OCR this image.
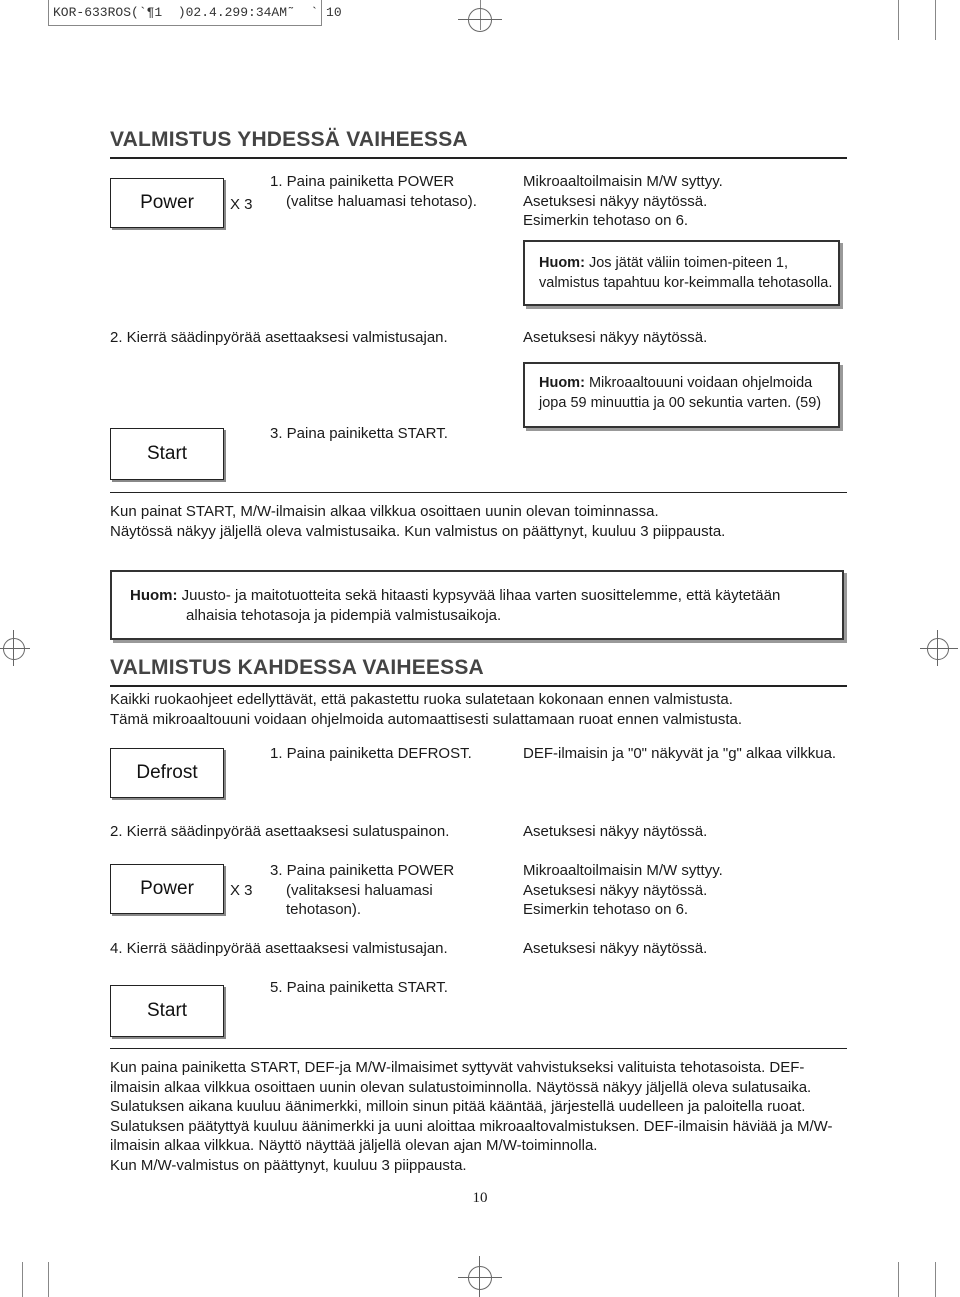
KOR-633ROS(`¶1  )02.4.299:34AM˜  ` 10
VALMISTUS YHDESSÄ VAIHEESSA
Power X 3
1. Paina painiketta POWER
(valitse haluamasi tehotaso).
Mikroaaltoilmaisin M/W syttyy.
Asetuksesi näkyy näytössä.
Esimerkin tehotaso on 6.
Huom: Jos jätät väliin toimen-piteen 1,
valmistus tapahtuu kor-keimmalla tehotasolla.
2. Kierrä säädinpyörää asettaaksesi valmistusajan.	Asetuksesi näkyy näytössä.
Huom: Mikroaaltouuni voidaan ohjelmoida
jopa 59 minuuttia ja 00 sekuntia varten. (59)
Start
3. Paina painiketta START.
Kun painat START, M/W-ilmaisin alkaa vilkkua osoittaen uunin olevan toiminnassa.
Näytössä näkyy jäljellä oleva valmistusaika. Kun valmistus on päättynyt, kuuluu 3 piippausta.
Huom: Juusto- ja maitotuotteita sekä hitaasti kypsyvää lihaa varten suosittelemme, että käytetään
alhaisia tehotasoja ja pidempiä valmistusaikoja.
VALMISTUS KAHDESSA VAIHEESSA
Kaikki ruokaohjeet edellyttävät, että pakastettu ruoka sulatetaan kokonaan ennen valmistusta.
Tämä mikroaaltouuni voidaan ohjelmoida automaattisesti sulattamaan ruoat ennen valmistusta.
Defrost
1. Paina painiketta DEFROST.	DEF-ilmaisin ja "0" näkyvät ja "g" alkaa vilkkua.
2. Kierrä säädinpyörää asettaaksesi sulatuspainon.	Asetuksesi näkyy näytössä.
Power X 3
3. Paina painiketta POWER
(valitaksesi haluamasi
tehotason).
Mikroaaltoilmaisin M/W syttyy.
Asetuksesi näkyy näytössä.
Esimerkin tehotaso on 6.
4. Kierrä säädinpyörää asettaaksesi valmistusajan.	Asetuksesi näkyy näytössä.
Start
5. Paina painiketta START.
Kun paina painiketta START, DEF-ja M/W-ilmaisimet syttyvät vahvistukseksi valituista tehotasoista. DEF-
ilmaisin alkaa vilkkua osoittaen uunin olevan sulatustoiminnolla. Näytössä näkyy jäljellä oleva sulatusaika.
Sulatuksen aikana kuuluu äänimerkki, milloin sinun pitää kääntää, järjestellä uudelleen ja paloitella ruoat.
Sulatuksen päätyttyä kuuluu äänimerkki ja uuni aloittaa mikroaaltovalmistuksen. DEF-ilmaisin häviää ja M/W-
ilmaisin alkaa vilkkua. Näyttö näyttää jäljellä olevan ajan M/W-toiminnolla.
Kun M/W-valmistus on päättynyt, kuuluu 3 piippausta.
10
